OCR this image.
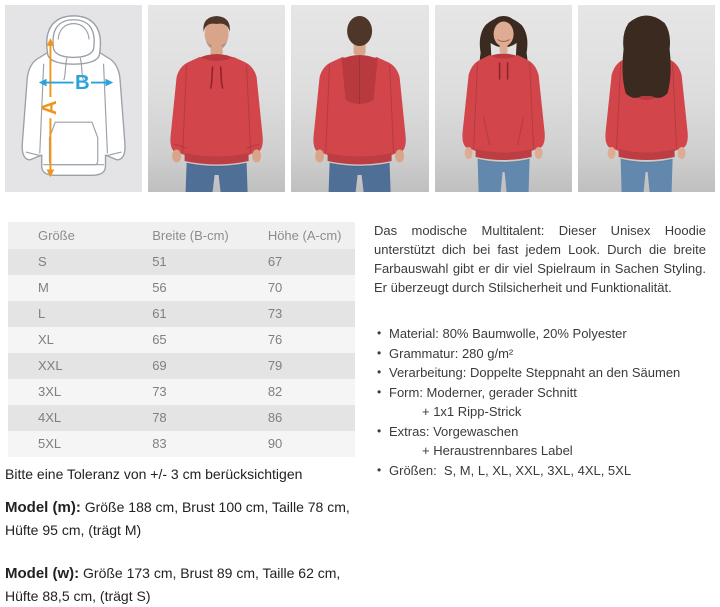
A
B
Größe	Breite (B-cm)	Höhe (A-cm)
S	51	67
M	56	70
L	61	73
XL	65	76
XXL	69	79
3XL	73	82
4XL	78	86
5XL	83	90

Das modische Multitalent: Dieser Unisex Hoodie unterstützt dich bei fast jedem Look. Durch die breite Farbauswahl gibt er dir viel Spielraum in Sachen Styling. Er überzeugt durch Stilsicherheit und Funktionalität.

• Material: 80% Baumwolle, 20% Polyester
• Grammatur: 280 g/m²
• Verarbeitung: Doppelte Steppnaht an den Säumen
• Form: Moderner, gerader Schnitt
+ 1x1 Ripp-Strick
• Extras: Vorgewaschen
+ Heraustrennbares Label
• Größen:  S, M, L, XL, XXL, 3XL, 4XL, 5XL
Bitte eine Toleranz von +/- 3 cm berücksichtigen
Model (m): Größe 188 cm, Brust 100 cm, Taille 78 cm, Hüfte 95 cm, (trägt M)
Model (w): Größe 173 cm, Brust 89 cm, Taille 62 cm, Hüfte 88,5 cm, (trägt S)
